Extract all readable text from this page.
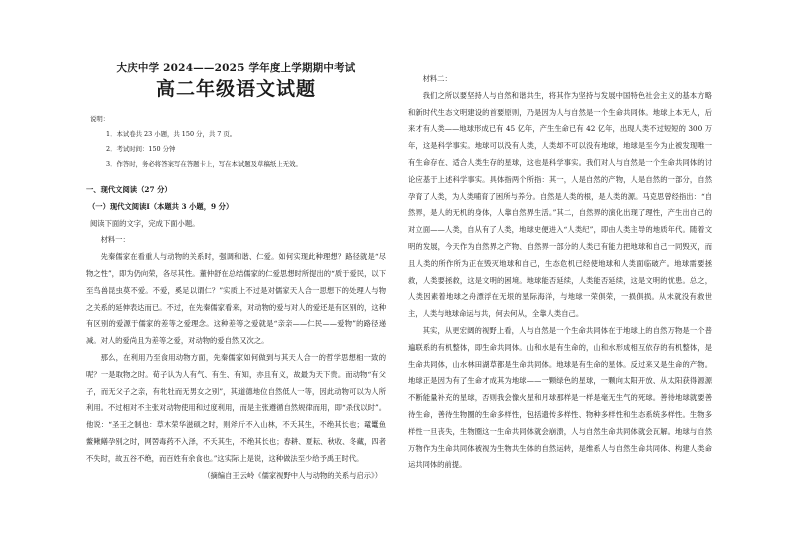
大庆中学 2024——2025 学年度上学期期中考试
高二年级语文试题
说明：
1．本试卷共 23 小题，共 150 分，共 7 页。
2．考试时间：150 分钟
3．作答时，务必将答案写在答题卡上，写在本试题及草稿纸上无效。

一、现代文阅读（27 分）

（一）现代文阅读Ⅰ（本题共 3 小题，9 分）

阅读下面的文字，完成下面小题。

材料一：

先秦儒家在看重人与动物的关系时，强调和谐、仁爱。如何实现此种理想？路径就是“尽物之性”，即为仍向荣，各尽其性。董仲舒在总结儒家的仁爱思想时所提出的“质于爱民，以下至鸟兽昆虫莫不爱。不爱，奚足以谓仁？”实质上不过是对儒家天人合一思想下的处理人与物之关系的延伸表达而已。不过，在先秦儒家看来，对动物的爱与对人的爱还是有区别的，这种有区别的爱源于儒家的差等之爱理念。这种差等之爱就是“亲亲——仁民——爱物”的路径递减。对人的爱尚且为差等之爱，对动物的爱自然又次之。

那么，在利用乃至食用动物方面，先秦儒家如何做到与其天人合一的哲学思想相一致的呢？一是取物之时。荀子认为人有气、有生、有知，亦且有义，故最为天下贵。而动物“有父子，而无父子之亲，有牝牡而无男女之别”，其道德地位自然低人一等，因此动物可以为人所利用。不过相对不主张对动物使用和过度利用，而是主张遵循自然规律而用，即“杀伐以时”。他说：“圣王之制也：草木荣华滋硕之时，则斧斤不入山林，不夭其生，不绝其长也；鼋鼍鱼鳖鳅鳝孕别之时，网罟毒药不入泽，不夭其生，不绝其长也；春耕、夏耘、秋收、冬藏，四者不失时，故五谷不绝，而百姓有余食也。”这实际上是说，这种做法至少给予禹王时代。

（摘编自王云岭《儒家视野中人与动物的关系与启示》）

材料二：

我们之所以要坚持人与自然和谐共生，将其作为坚持与发展中国特色社会主义的基本方略和新时代生态文明建设的首要原则，乃是因为人与自然是一个生命共同体。地球上本无人，后来才有人类——地球形成已有 45 亿年，产生生命已有 42 亿年，出现人类不过短短的 300 万年，这是科学事实。地球可以没有人类，人类却不可以没有地球，地球是至今为止被发现唯一有生命存在、适合人类生存的星球，这也是科学事实。我们对人与自然是一个生命共同体的讨论应基于上述科学事实。具体指两个所指：其一，人是自然的产物，人是自然的一部分，自然孕育了人类，为人类哺育了困所与养分。自然是人类的根，是人类的源。马克思曾经指出：“自然界，是人的无机的身体，人靠自然界生活。”其二，自然界的演化出现了理性，产生出自己的对立面——人类，自从有了人类，地球史便进入“人类纪”，即由人类主导的地质年代。随着文明的发展，今天作为自然界之产物、自然界一部分的人类已有能力把地球和自己一同毁灭，而且人类的所作所为正在毁灭地球和自己，生态危机已经使地球和人类面临破产。地球需要拯救，人类要拯救，这是文明的困境。地球能否延续，人类能否延续，这是文明的忧患。总之，人类因素着地球之舟漂浮在无垠的星际海洋，与地球一荣俱荣，一损俱损。从未就没有救世主，人类与地球命运与共，何去何从，全靠人类自己。

其实，从更宏阔的视野上看，人与自然是一个生命共同体在于地球上的自然万物是一个普遍联系的有机整体，即生命共同体。山和水是有生命的，山和水形成相互依存的有机整体，是生命共同体，山水林田湖草都是生命共同体。地球是有生命的星体。反过来又是生命的产物。地球正是因为有了生命才成其为地球——一颗绿色的星球，一颗向太阳开放、从太阳获得源源不断能量补充的星球，否则我会像火星和月球那样是一样是毫无生气的死球。善待地球就要善待生命，善待生物圈的生命多样性，包括遗传多样性、物种多样性和生态系统多样性。生物多样性一旦丧失，生物圈这一生命共同体就会崩溃，人与自然生命共同体就会瓦解。地球与自然万物作为生命共同体被视为生物共生体的自然运转，是维系人与自然生命共同体、构建人类命运共同体的前提。
